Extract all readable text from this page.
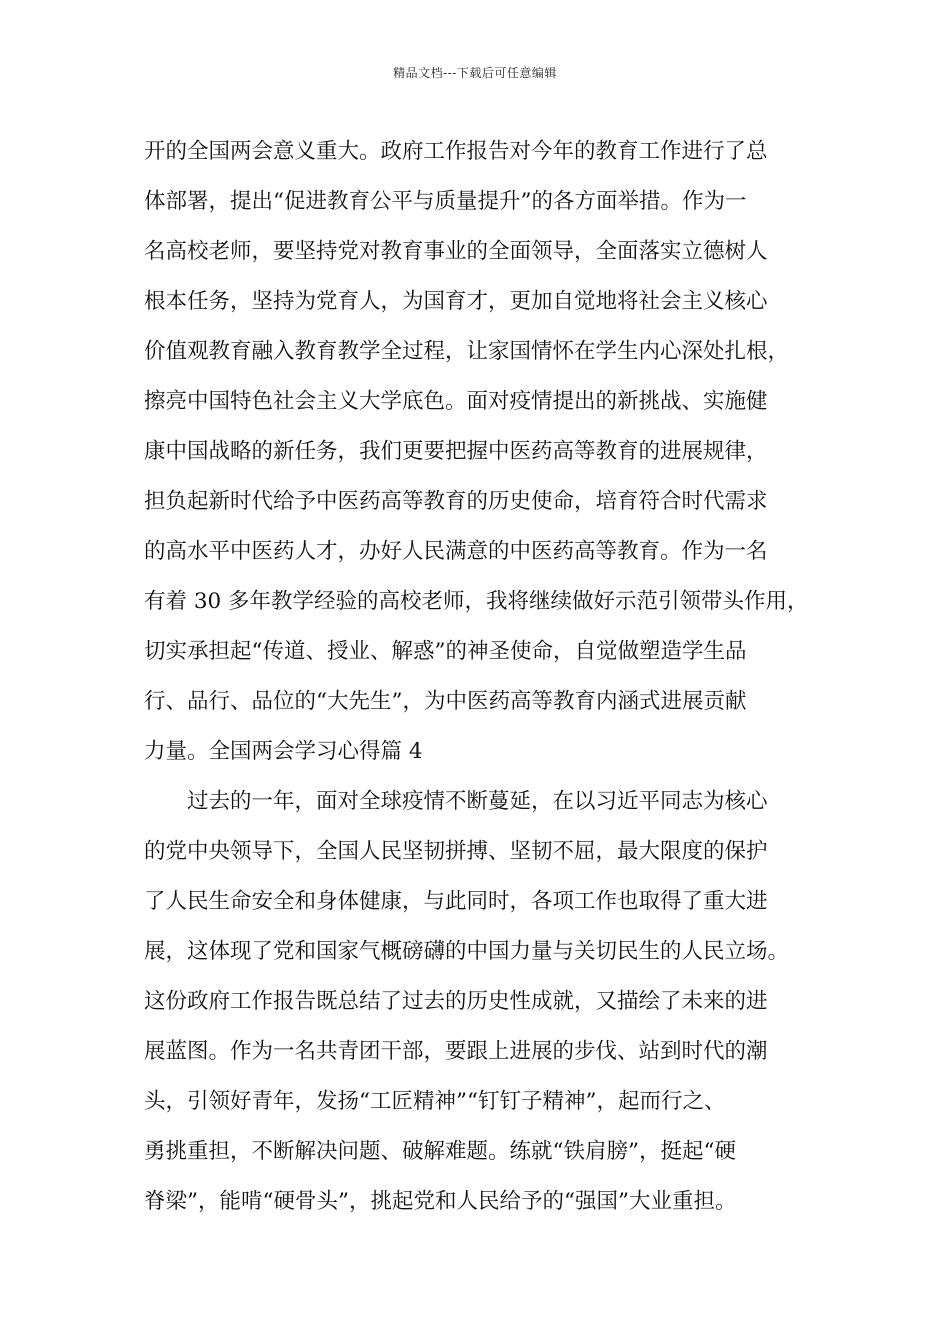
精品文档---下载后可任意编辑
开的全国两会意义重大。政府工作报告对今年的教育工作进行了总
体部署，提出“促进教育公平与质量提升”的各方面举措。作为一
名高校老师，要坚持党对教育事业的全面领导，全面落实立德树人
根本任务，坚持为党育人，为国育才，更加自觉地将社会主义核心
价值观教育融入教育教学全过程，让家国情怀在学生内心深处扎根，
擦亮中国特色社会主义大学底色。面对疫情提出的新挑战、实施健
康中国战略的新任务，我们更要把握中医药高等教育的进展规律，
担负起新时代给予中医药高等教育的历史使命，培育符合时代需求
的高水平中医药人才，办好人民满意的中医药高等教育。作为一名
有着 30 多年教学经验的高校老师，我将继续做好示范引领带头作用，
切实承担起“传道、授业、解惑”的神圣使命，自觉做塑造学生品
行、品行、品位的“大先生”，为中医药高等教育内涵式进展贡献
力量。全国两会学习心得篇 4
过去的一年，面对全球疫情不断蔓延，在以习近平同志为核心
的党中央领导下，全国人民坚韧拼搏、坚韧不屈，最大限度的保护
了人民生命安全和身体健康，与此同时，各项工作也取得了重大进
展，这体现了党和国家气概磅礴的中国力量与关切民生的人民立场。
这份政府工作报告既总结了过去的历史性成就，又描绘了未来的进
展蓝图。作为一名共青团干部，要跟上进展的步伐、站到时代的潮
头，引领好青年，发扬“工匠精神”“钉钉子精神”，起而行之、
勇挑重担，不断解决问题、破解难题。练就“铁肩膀”，挺起“硬
脊梁”，能啃“硬骨头”，挑起党和人民给予的“强国”大业重担。
